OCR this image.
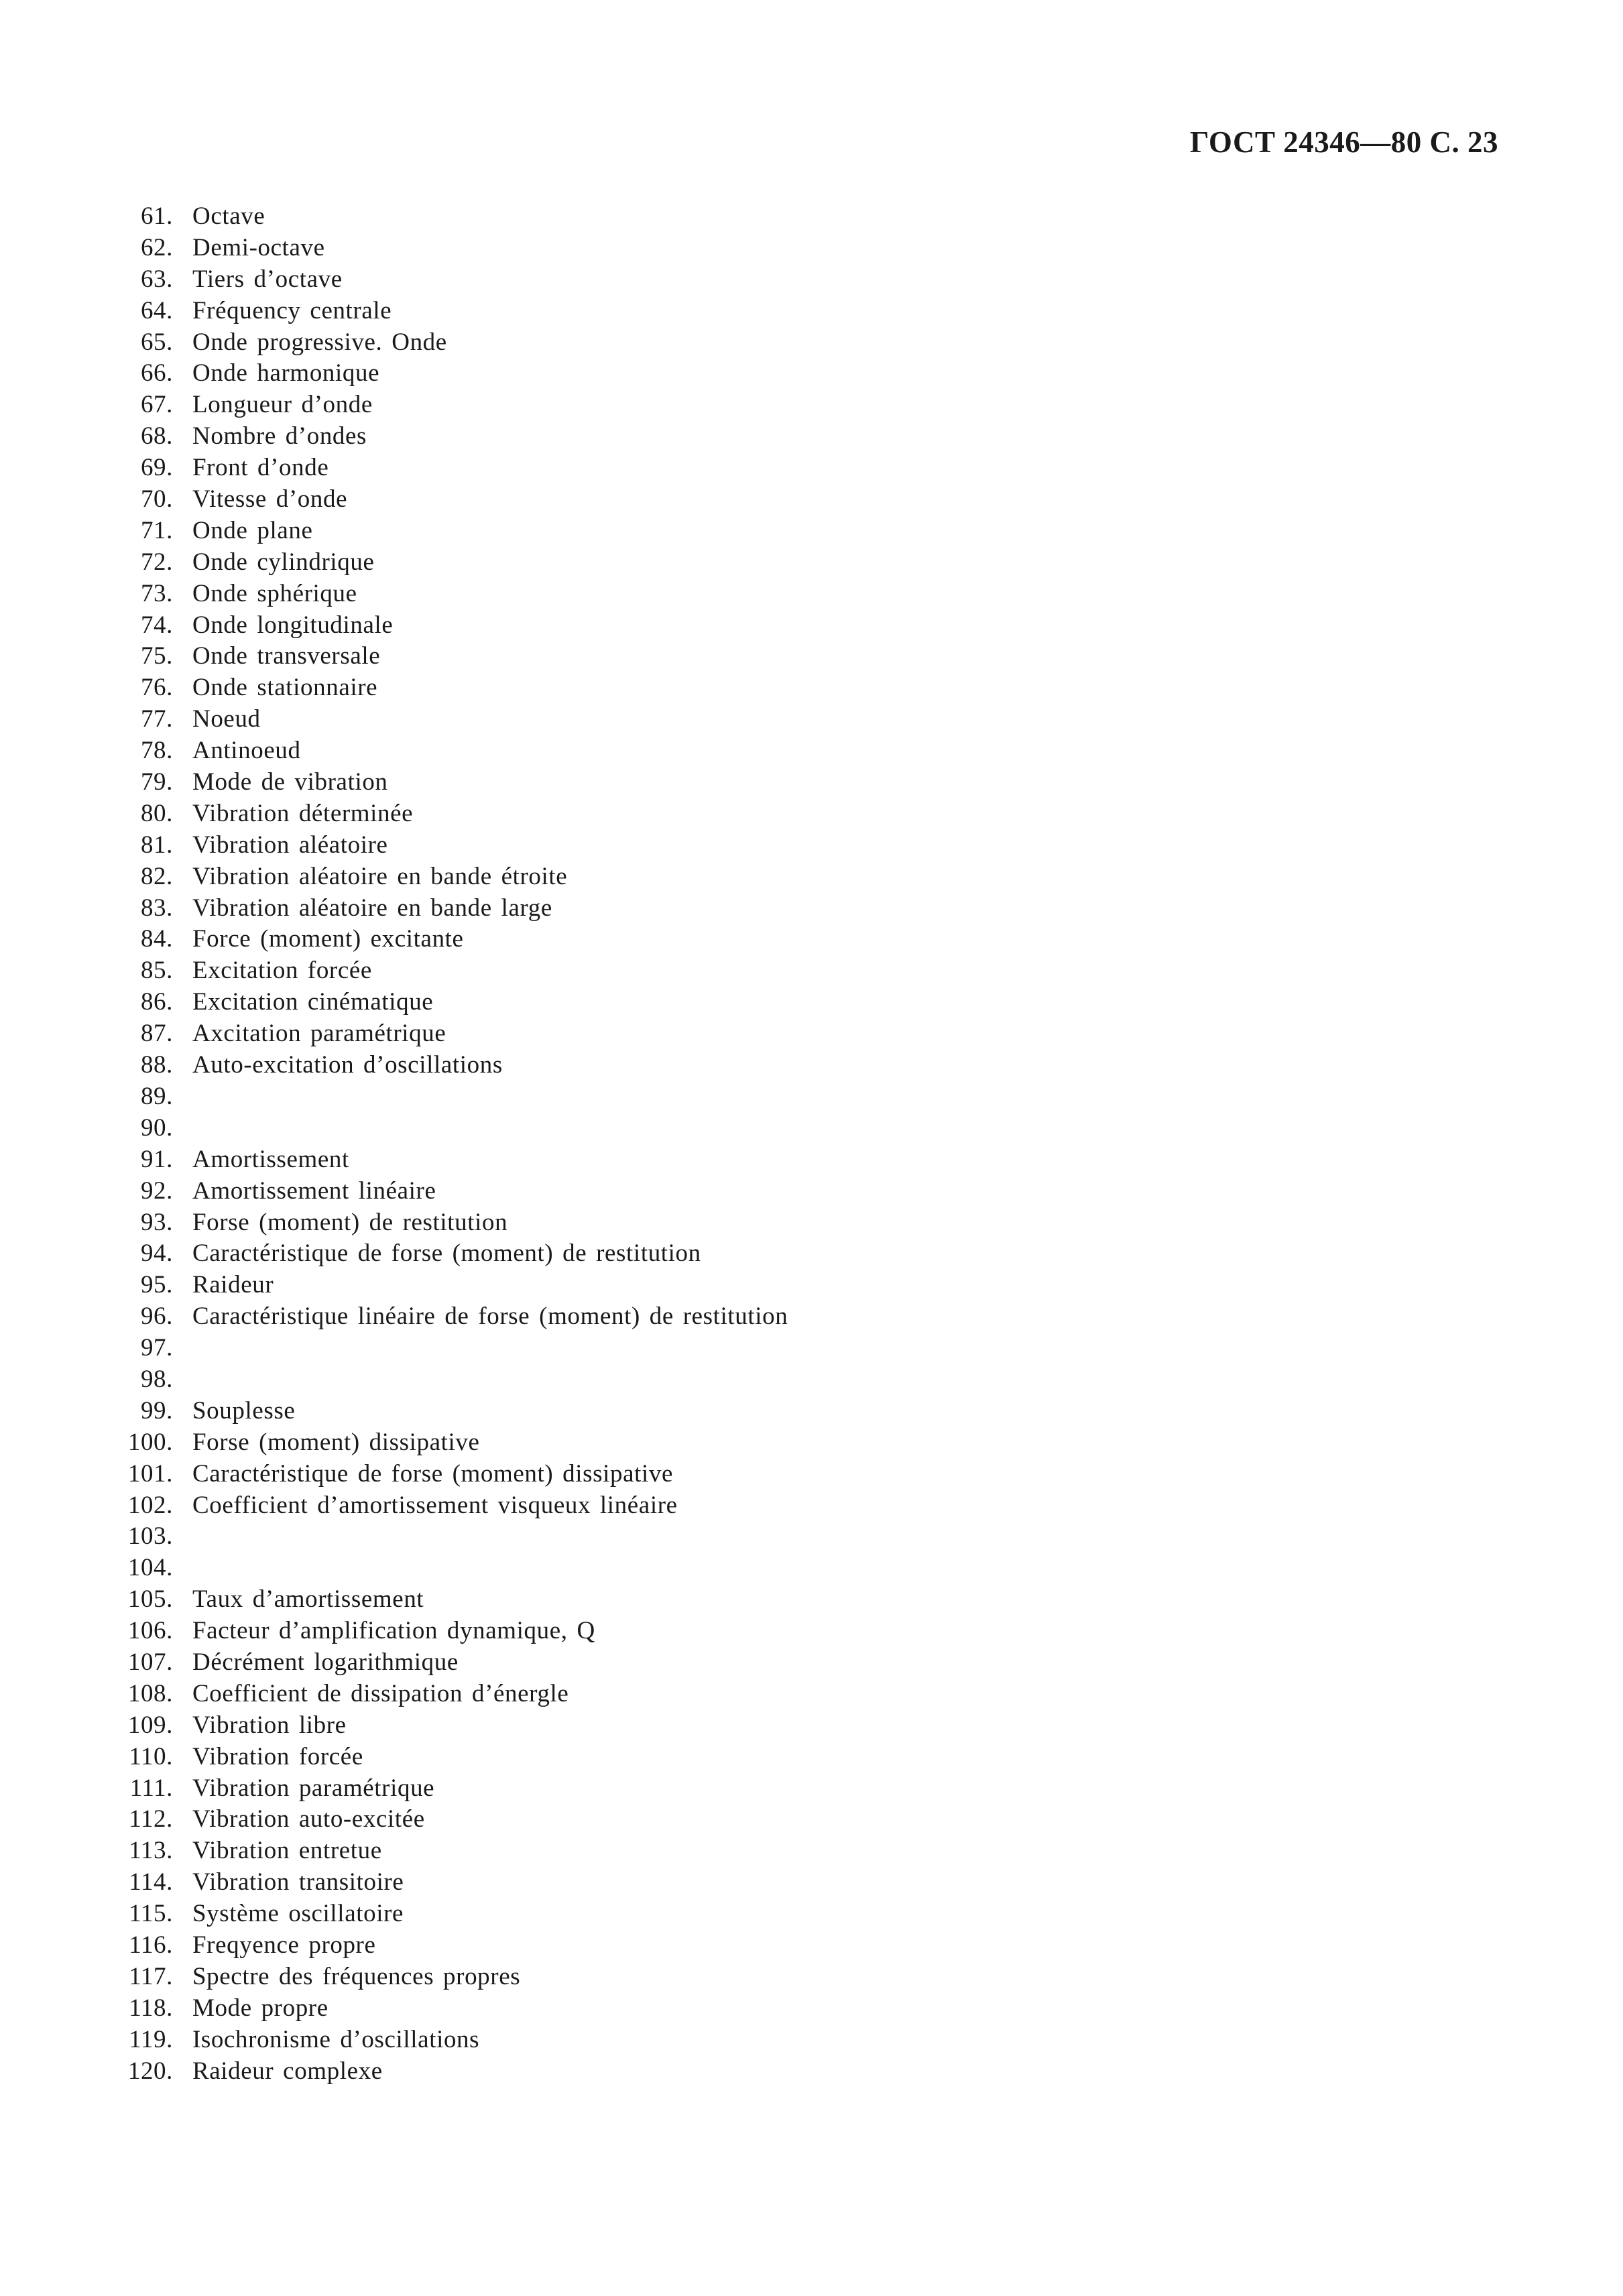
ГОСТ 24346—80 С. 23
61. Octave
62. Demi-octave
63. Tiers d’octave
64. Fréquency centrale
65. Onde progressive. Onde
66. Onde harmonique
67. Longueur d’onde
68. Nombre d’ondes
69. Front d’onde
70. Vitesse d’onde
71. Onde plane
72. Onde cylindrique
73. Onde sphérique
74. Onde longitudinale
75. Onde transversale
76. Onde stationnaire
77. Noeud
78. Antinoeud
79. Mode de vibration
80. Vibration déterminée
81. Vibration aléatoire
82. Vibration aléatoire en bande étroite
83. Vibration aléatoire en bande large
84. Force (moment) excitante
85. Excitation forcée
86. Excitation cinématique
87. Axcitation paramétrique
88. Auto-excitation d’oscillations
89.
90.
91. Amortissement
92. Amortissement linéaire
93. Forse (moment) de restitution
94. Caractéristique de forse (moment) de restitution
95. Raideur
96. Caractéristique linéaire de forse (moment) de restitution
97.
98.
99. Souplesse
100. Forse (moment) dissipative
101. Caractéristique de forse (moment) dissipative
102. Coefficient d’amortissement visqueux linéaire
103.
104.
105. Taux d’amortissement
106. Facteur d’amplification dynamique, Q
107. Décrément logarithmique
108. Coefficient de dissipation d’énergle
109. Vibration libre
110. Vibration forcée
111. Vibration paramétrique
112. Vibration auto-excitée
113. Vibration entretue
114. Vibration transitoire
115. Système oscillatoire
116. Freqyence propre
117. Spectre des fréquences propres
118. Mode propre
119. Isochronisme d’oscillations
120. Raideur complexe
